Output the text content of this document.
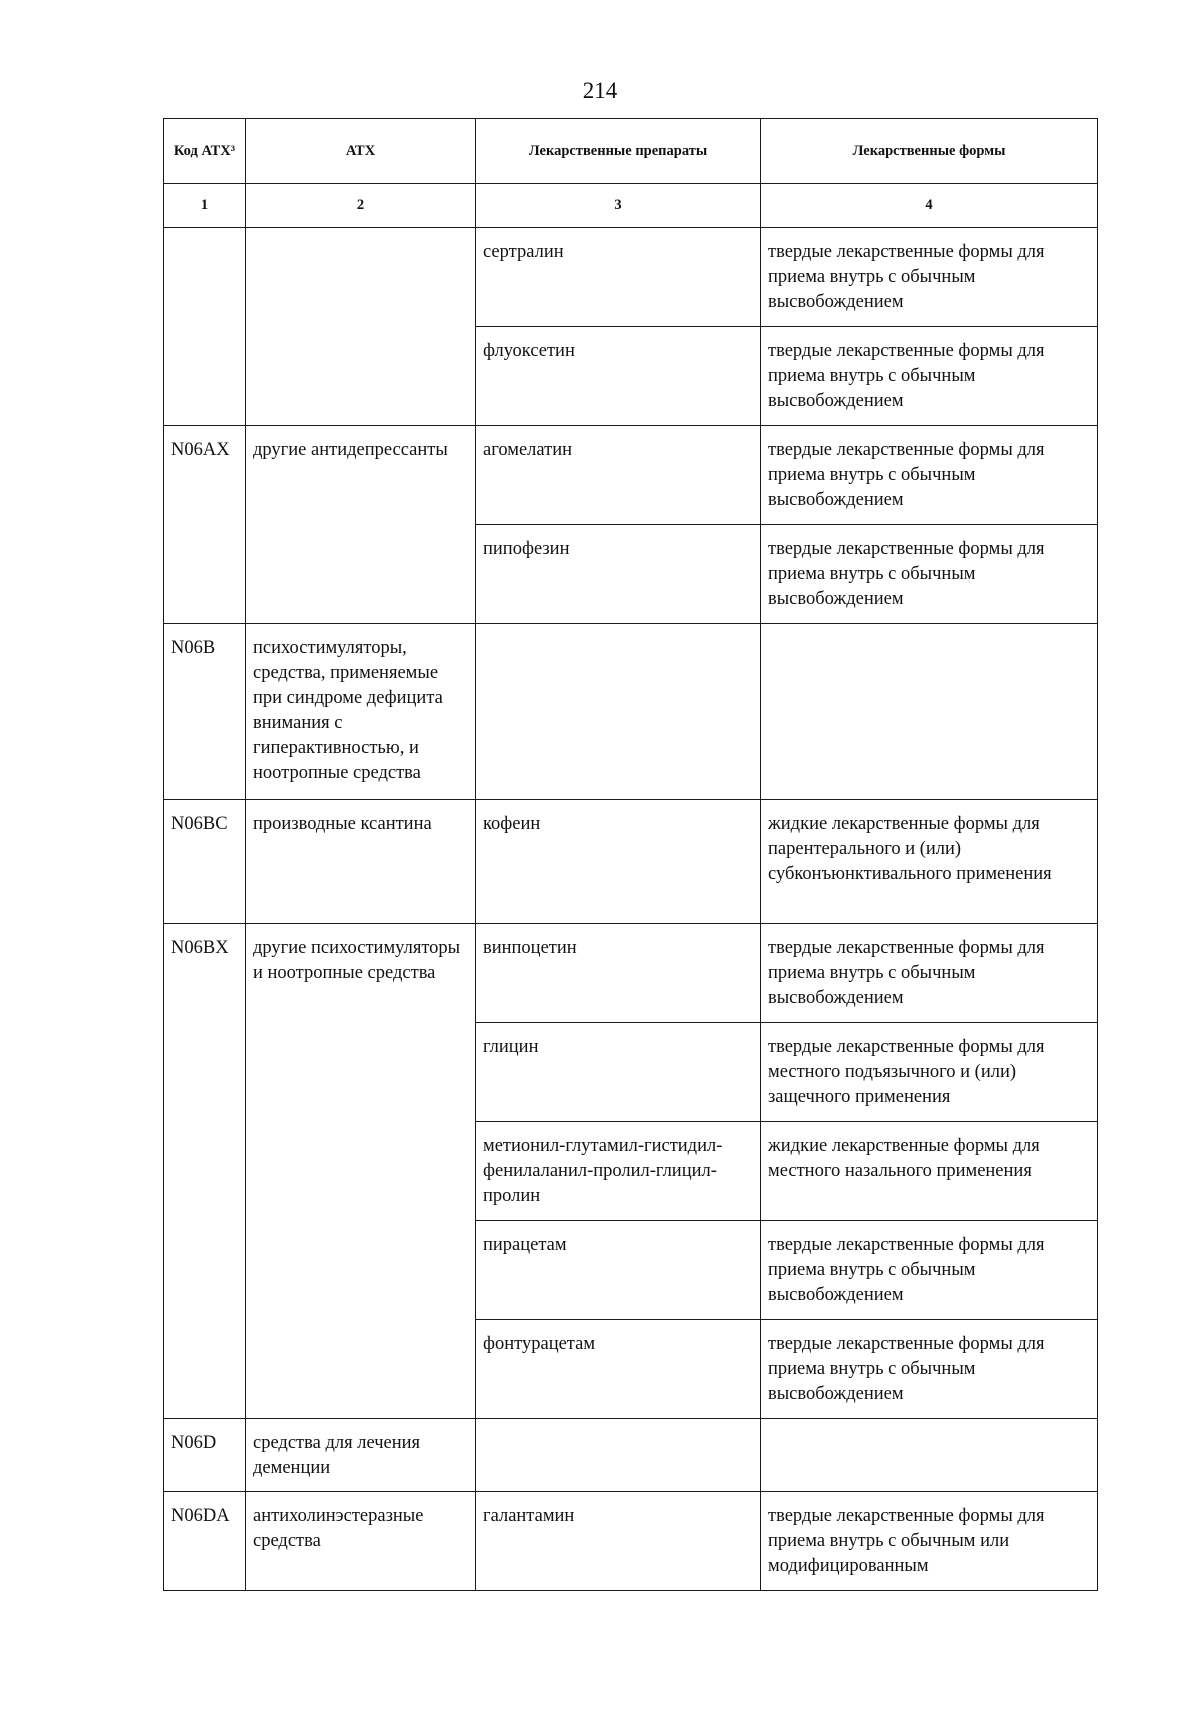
214
Код АТХ³	АТХ	Лекарственные препараты	Лекарственные формы
1	2	3	4
		сертралин	твердые лекарственные формы для приема внутрь с обычным высвобождением
		флуоксетин	твердые лекарственные формы для приема внутрь с обычным высвобождением
N06AX	другие антидепрессанты	агомелатин	твердые лекарственные формы для приема внутрь с обычным высвобождением
		пипофезин	твердые лекарственные формы для приема внутрь с обычным высвобождением
N06B	психостимуляторы, средства, применяемые при синдроме дефицита внимания с гиперактивностью, и ноотропные средства		
N06BC	производные ксантина	кофеин	жидкие лекарственные формы для парентерального и (или) субконъюнктивального применения
N06BX	другие психостимуляторы и ноотропные средства	винпоцетин	твердые лекарственные формы для приема внутрь с обычным высвобождением
		глицин	твердые лекарственные формы для местного подъязычного и (или) защечного применения
		метионил-глутамил-гистидил-фенилаланил-пролил-глицил-пролин	жидкие лекарственные формы для местного назального применения
		пирацетам	твердые лекарственные формы для приема внутрь с обычным высвобождением
		фонтурацетам	твердые лекарственные формы для приема внутрь с обычным высвобождением
N06D	средства для лечения деменции		
N06DA	антихолинэстеразные средства	галантамин	твердые лекарственные формы для приема внутрь с обычным или модифицированным
